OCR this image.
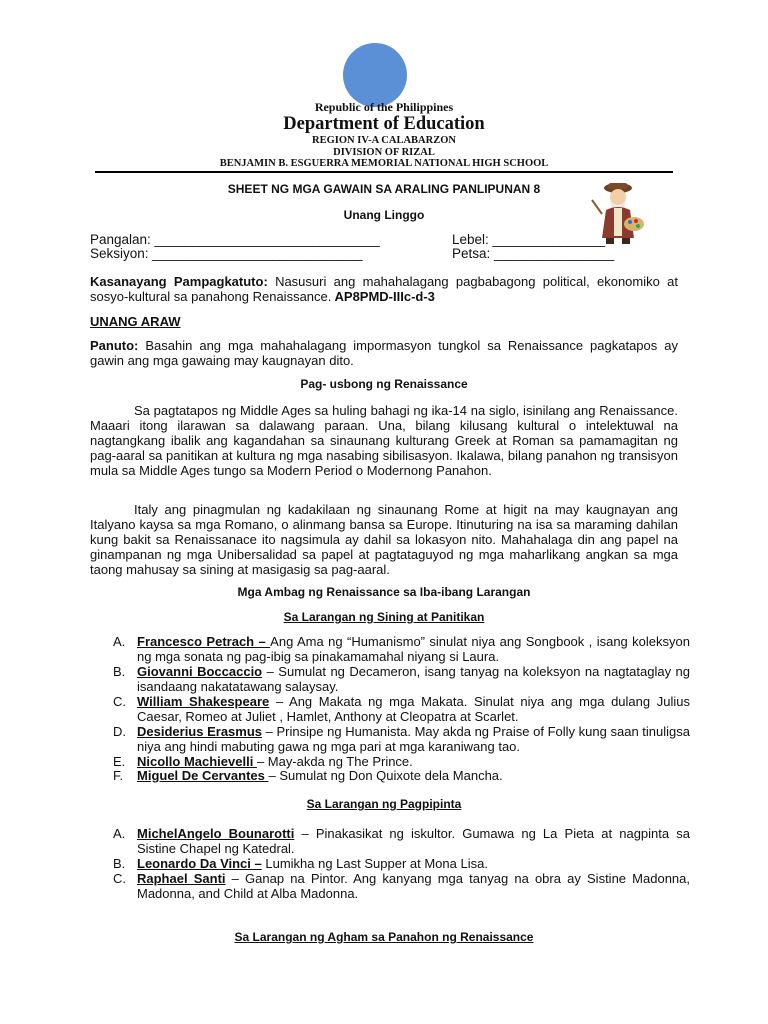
Republic of the Philippines
Department of Education
REGION IV-A CALABARZON
DIVISION OF RIZAL
BENJAMIN B. ESGUERRA MEMORIAL NATIONAL HIGH SCHOOL
SHEET NG MGA GAWAIN SA ARALING PANLIPUNAN 8
Unang Linggo
Pangalan: ______________________________	Lebel: _______________
Seksiyon: ____________________________	Petsa: ________________
Kasanayang Pampagkatuto: Nasusuri ang mahahalagang pagbabagong political, ekonomiko at sosyo-kultural sa panahong Renaissance. AP8PMD-IIIc-d-3
UNANG ARAW
Panuto: Basahin ang mga mahahalagang impormasyon tungkol sa Renaissance pagkatapos ay gawin ang mga gawaing may kaugnayan dito.
Pag- usbong ng Renaissance
Sa pagtatapos ng Middle Ages sa huling bahagi ng ika-14 na siglo, isinilang ang Renaissance. Maaari itong ilarawan sa dalawang paraan. Una, bilang kilusang kultural o intelektuwal na nagtangkang ibalik ang kagandahan sa sinaunang kulturang Greek at Roman sa pamamagitan ng pag-aaral sa panitikan at kultura ng mga nasabing sibilisasyon. Ikalawa, bilang panahon ng transisyon mula sa Middle Ages tungo sa Modern Period o Modernong Panahon.
Italy ang pinagmulan ng kadakilaan ng sinaunang Rome at higit na may kaugnayan ang Italyano kaysa sa mga Romano, o alinmang bansa sa Europe. Itinuturing na isa sa maraming dahilan kung bakit sa Renaissanace ito nagsimula ay dahil sa lokasyon nito. Mahahalaga din ang papel na ginampanan ng mga Unibersalidad sa papel at pagtataguyod ng mga maharlikang angkan sa mga taong mahusay sa sining at masigasig sa pag-aaral.
Mga Ambag ng Renaissance sa Iba-ibang Larangan
Sa Larangan ng Sining at Panitikan
A. Francesco Petrach – Ang Ama ng “Humanismo” sinulat niya ang Songbook , isang koleksyon ng mga sonata ng pag-ibig sa pinakamamahal niyang si Laura.
B. Giovanni Boccaccio – Sumulat ng Decameron, isang tanyag na koleksyon na nagtataglay ng isandaang nakatatawang salaysay.
C. William Shakespeare – Ang Makata ng mga Makata. Sinulat niya ang mga dulang Julius Caesar, Romeo at Juliet , Hamlet, Anthony at Cleopatra at Scarlet.
D. Desiderius Erasmus – Prinsipe ng Humanista. May akda ng Praise of Folly kung saan tinuligsa niya ang hindi mabuting gawa ng mga pari at mga karaniwang tao.
E. Nicollo Machievelli – May-akda ng The Prince.
F.	Miguel De Cervantes – Sumulat ng Don Quixote dela Mancha.
Sa Larangan ng Pagpipinta
A. MichelAngelo Bounarotti – Pinakasikat ng iskultor. Gumawa ng La Pieta at nagpinta sa Sistine Chapel ng Katedral.
B. Leonardo Da Vinci – Lumikha ng Last Supper at Mona Lisa.
C. Raphael Santi – Ganap na Pintor. Ang kanyang mga tanyag na obra ay Sistine Madonna, Madonna, and Child at Alba Madonna.
Sa Larangan ng Agham sa Panahon ng Renaissance
